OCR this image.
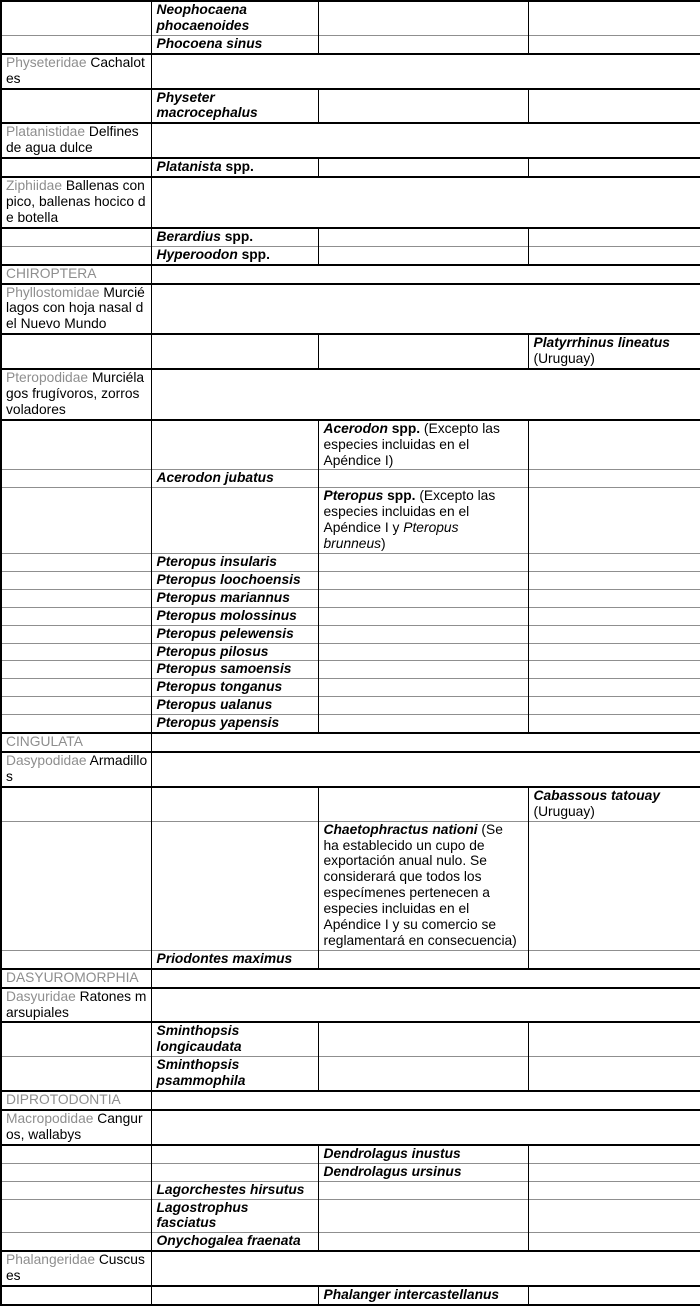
	Neophocaena phocaenoides		
	Phocoena sinus		
Physeteridae Cachalotes			
	Physeter macrocephalus		
Platanistidae Delfines de agua dulce			
	Platanista spp.		
Ziphiidae Ballenas con pico, ballenas hocico de botella			
	Berardius spp.		
	Hyperoodon spp.		
CHIROPTERA			
Phyllostomidae Murciélagos con hoja nasal del Nuevo Mundo			
			Platyrrhinus lineatus (Uruguay)
Pteropodidae Murciélagos frugívoros, zorros voladores			
		Acerodon spp. (Excepto las especies incluidas en el Apéndice I)	
	Acerodon jubatus		
		Pteropus spp. (Excepto las especies incluidas en el Apéndice I y Pteropus brunneus)	
	Pteropus insularis		
	Pteropus loochoensis		
	Pteropus mariannus		
	Pteropus molossinus		
	Pteropus pelewensis		
	Pteropus pilosus		
	Pteropus samoensis		
	Pteropus tonganus		
	Pteropus ualanus		
	Pteropus yapensis		
CINGULATA			
Dasypodidae Armadillos			
			Cabassous tatouay (Uruguay)
		Chaetophractus nationi (Se ha establecido un cupo de exportación anual nulo. Se considerará que todos los especímenes pertenecen a especies incluidas en el Apéndice I y su comercio se reglamentará en consecuencia)	
	Priodontes maximus		
DASYUROMORPHIA			
Dasyuridae Ratones marsupiales			
	Sminthopsis longicaudata		
	Sminthopsis psammophila		
DIPROTODONTIA			
Macropodidae Canguros, wallabys			
		Dendrolagus inustus	
		Dendrolagus ursinus	
	Lagorchestes hirsutus		
	Lagostrophus fasciatus		
	Onychogalea fraenata		
Phalangeridae Cuscuses			
		Phalanger intercastellanus	
